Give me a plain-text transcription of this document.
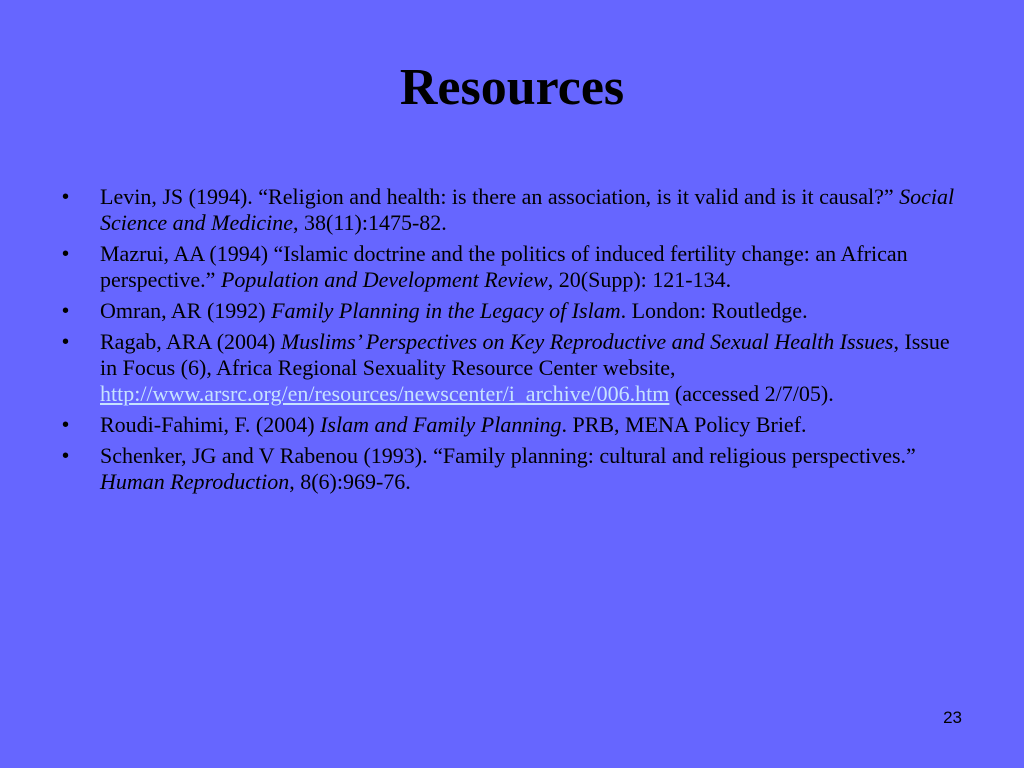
Resources
• Levin, JS (1994). “Religion and health: is there an association, is it valid and is it causal?” Social Science and Medicine, 38(11):1475-82.
• Mazrui, AA (1994) “Islamic doctrine and the politics of induced fertility change: an African perspective.” Population and Development Review, 20(Supp): 121-134.
• Omran, AR (1992) Family Planning in the Legacy of Islam. London: Routledge.
• Ragab, ARA (2004) Muslims’ Perspectives on Key Reproductive and Sexual Health Issues, Issue in Focus (6), Africa Regional Sexuality Resource Center website, http://www.arsrc.org/en/resources/newscenter/i_archive/006.htm (accessed 2/7/05).
• Roudi-Fahimi, F. (2004) Islam and Family Planning. PRB, MENA Policy Brief.
• Schenker, JG and V Rabenou (1993). “Family planning: cultural and religious perspectives.” Human Reproduction, 8(6):969-76.
23
